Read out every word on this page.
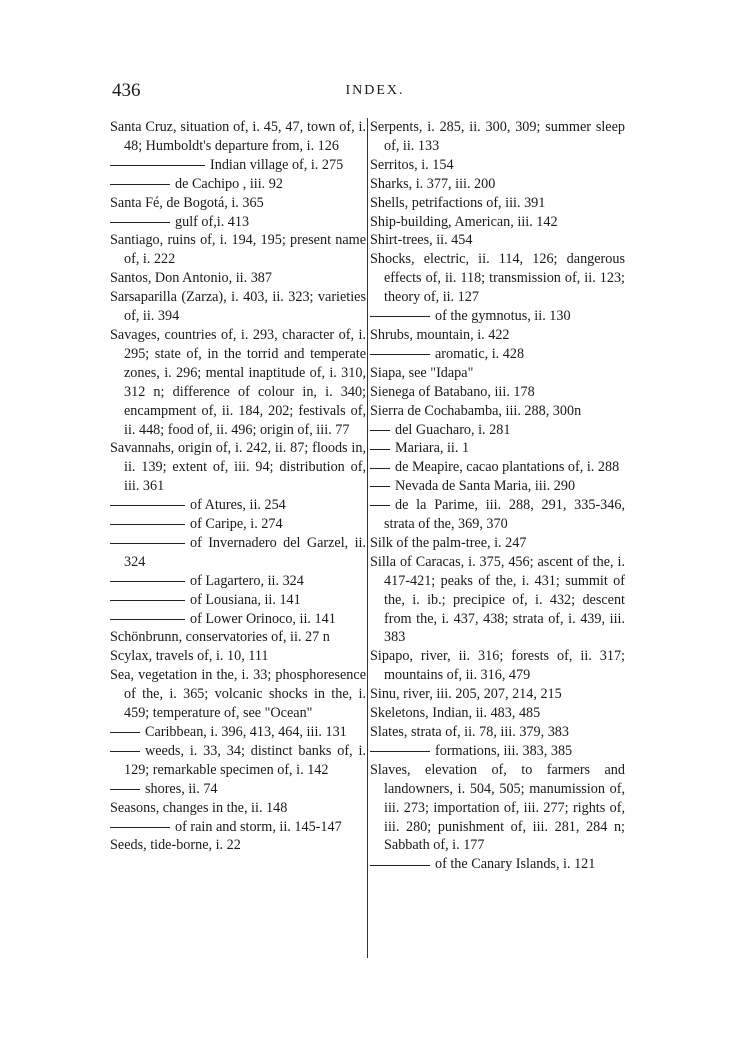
436	INDEX.
Santa Cruz, situation of, i. 45, 47, town of, i. 48; Humboldt's departure from, i. 126
Indian village of, i. 275
de Cachipo , iii. 92
Santa Fé, de Bogotá, i. 365
gulf of,i. 413
Santiago, ruins of, i. 194, 195; present name of, i. 222
Santos, Don Antonio, ii. 387
Sarsaparilla (Zarza), i. 403, ii. 323; varieties of, ii. 394
Savages, countries of, i. 293, character of, i. 295; state of, in the torrid and temperate zones, i. 296; mental inaptitude of, i. 310, 312 n; difference of colour in, i. 340; encampment of, ii. 184, 202; festivals of, ii. 448; food of, ii. 496; origin of, iii. 77
Savannahs, origin of, i. 242, ii. 87; floods in, ii. 139; extent of, iii. 94; distribution of, iii. 361
of Atures, ii. 254
of Caripe, i. 274
of Invernadero del Garzel, ii. 324
of Lagartero, ii. 324
of Lousiana, ii. 141
of Lower Orinoco, ii. 141
Schönbrunn, conservatories of, ii. 27 n
Scylax, travels of, i. 10, 111
Sea, vegetation in the, i. 33; phosphoresence of the, i. 365; volcanic shocks in the, i. 459; temperature of, see "Ocean"
Caribbean, i. 396, 413, 464, iii. 131
weeds, i. 33, 34; distinct banks of, i. 129; remarkable specimen of, i. 142
shores, ii. 74
Seasons, changes in the, ii. 148
of rain and storm, ii. 145-147
Seeds, tide-borne, i. 22
Serpents, i. 285, ii. 300, 309; summer sleep of, ii. 133
Serritos, i. 154
Sharks, i. 377, iii. 200
Shells, petrifactions of, iii. 391
Ship-building, American, iii. 142
Shirt-trees, ii. 454
Shocks, electric, ii. 114, 126; dangerous effects of, ii. 118; transmission of, ii. 123; theory of, ii. 127
of the gymnotus, ii. 130
Shrubs, mountain, i. 422
aromatic, i. 428
Siapa, see "Idapa"
Sienega of Batabano, iii. 178
Sierra de Cochabamba, iii. 288, 300n
del Guacharo, i. 281
Mariara, ii. 1
de Meapire, cacao plantations of, i. 288
Nevada de Santa Maria, iii. 290
de la Parime, iii. 288, 291, 335-346, strata of the, 369, 370
Silk of the palm-tree, i. 247
Silla of Caracas, i. 375, 456; ascent of the, i. 417-421; peaks of the, i. 431; summit of the, i. ib.; precipice of, i. 432; descent from the, i. 437, 438; strata of, i. 439, iii. 383
Sipapo, river, ii. 316; forests of, ii. 317; mountains of, ii. 316, 479
Sinu, river, iii. 205, 207, 214, 215
Skeletons, Indian, ii. 483, 485
Slates, strata of, ii. 78, iii. 379, 383
formations, iii. 383, 385
Slaves, elevation of, to farmers and landowners, i. 504, 505; manumission of, iii. 273; importation of, iii. 277; rights of, iii. 280; punishment of, iii. 281, 284 n; Sabbath of, i. 177
of the Canary Islands, i. 121
